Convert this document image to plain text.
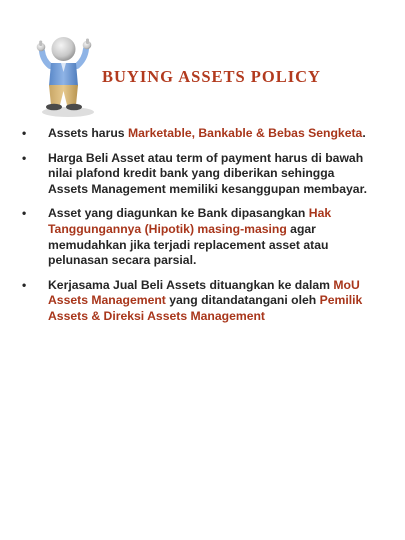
BUYING ASSETS POLICY
• Assets harus Marketable, Bankable & Bebas Sengketa.
• Harga Beli Asset atau term of payment harus di bawah nilai plafond kredit bank yang diberikan sehingga Assets Management memiliki kesanggupan membayar.
• Asset yang diagunkan ke Bank dipasangkan Hak Tanggungannya (Hipotik) masing-masing agar memudahkan jika terjadi replacement asset atau pelunasan secara parsial.
• Kerjasama Jual Beli Assets dituangkan ke dalam MoU Assets Management yang ditandatangani oleh Pemilik Assets & Direksi Assets Management
